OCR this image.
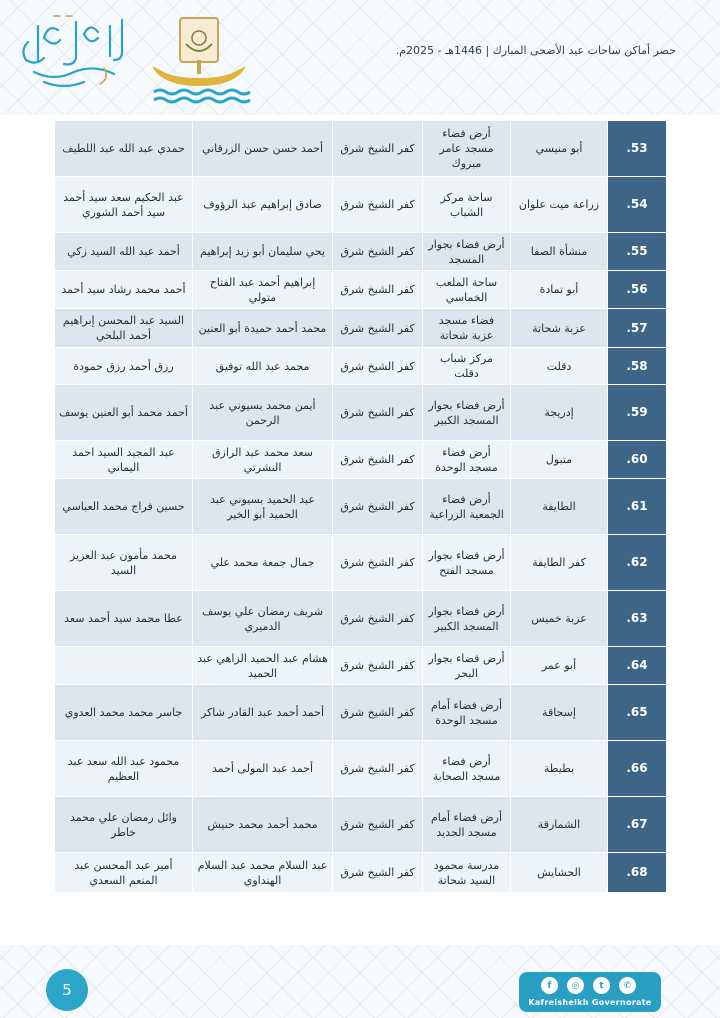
حصر أماكن ساحات عيد الأضحى المبارك | 1446هـ - 2025م.
53.	أبو منيسي	أرض فضاء مسجد عامر مبروك	كفر الشيخ شرق	أحمد حسن حسن الزرقاني	حمدي عبد الله عبد اللطيف
54.	زراعة ميت علوان	ساحة مركز الشباب	كفر الشيخ شرق	صادق إبراهيم عبد الرؤوف	عبد الحكيم سعد سيد أحمد سيد أحمد الشوري
55.	منشأة الصفا	أرض فضاء بجوار المسجد	كفر الشيخ شرق	يحي سليمان أبو زيد إبراهيم	أحمد عبد الله السيد زكي
56.	أبو تمادة	ساحة الملعب الخماسي	كفر الشيخ شرق	إبراهيم أحمد عبد الفتاح متولي	أحمد محمد رشاد سيد أحمد
57.	عزبة شحاتة	فضاء مسجد عزبة شحاتة	كفر الشيخ شرق	محمد أحمد حميدة أبو العنين	السيد عبد المحسن إبراهيم أحمد البلحي
58.	دقلت	مركز شباب دقلت	كفر الشيخ شرق	محمد عبد الله توفيق	رزق أحمد رزق حمودة
59.	إدريجة	أرض فضاء بجوار المسجد الكبير	كفر الشيخ شرق	أيمن محمد بسيوني عبد الرحمن	أحمد محمد أبو العنين يوسف
60.	متبول	أرض فضاء مسجد الوحدة	كفر الشيخ شرق	سعد محمد عبد الرازق النشرتي	عبد المجيد السيد احمد اليماني
61.	الطايفة	أرض فضاء الجمعية الزراعية	كفر الشيخ شرق	عبد الحميد بسيوني عبد الحميد أبو الخير	حسين فراج محمد العباسي
62.	كفر الطايفة	أرض فضاء بجوار مسجد الفتح	كفر الشيخ شرق	جمال جمعة محمد علي	محمد مأمون عبد العزيز السيد
63.	عزبة خميس	أرض فضاء بجوار المسجد الكبير	كفر الشيخ شرق	شريف رمضان علي يوسف الدميري	عطا محمد سيد أحمد سعد
64.	أبو عمر	أرض فضاء بجوار البحر	كفر الشيخ شرق	هشام عبد الحميد الزاهي عبد الحميد	
65.	إسحاقة	أرض فضاء أمام مسجد الوحدة	كفر الشيخ شرق	أحمد أحمد عبد القادر شاكر	جاسر محمد محمد العدوي
66.	بطيطة	أرض فضاء مسجد الصحابة	كفر الشيخ شرق	أحمد عبد المولى أحمد	محمود عبد الله سعد عبد العظيم
67.	الشمارقة	أرض فضاء أمام مسجد الجديد	كفر الشيخ شرق	محمد أحمد محمد حنيش	وائل رمضان علي محمد خاطر
68.	الحشايش	مدرسة محمود السيد شحاتة	كفر الشيخ شرق	عبد السلام محمد عبد السلام الهنداوي	أمير عبد المحسن عبد المنعم السعدي
5	f	◎	t	✆
Kafrelsheikh Governorate
